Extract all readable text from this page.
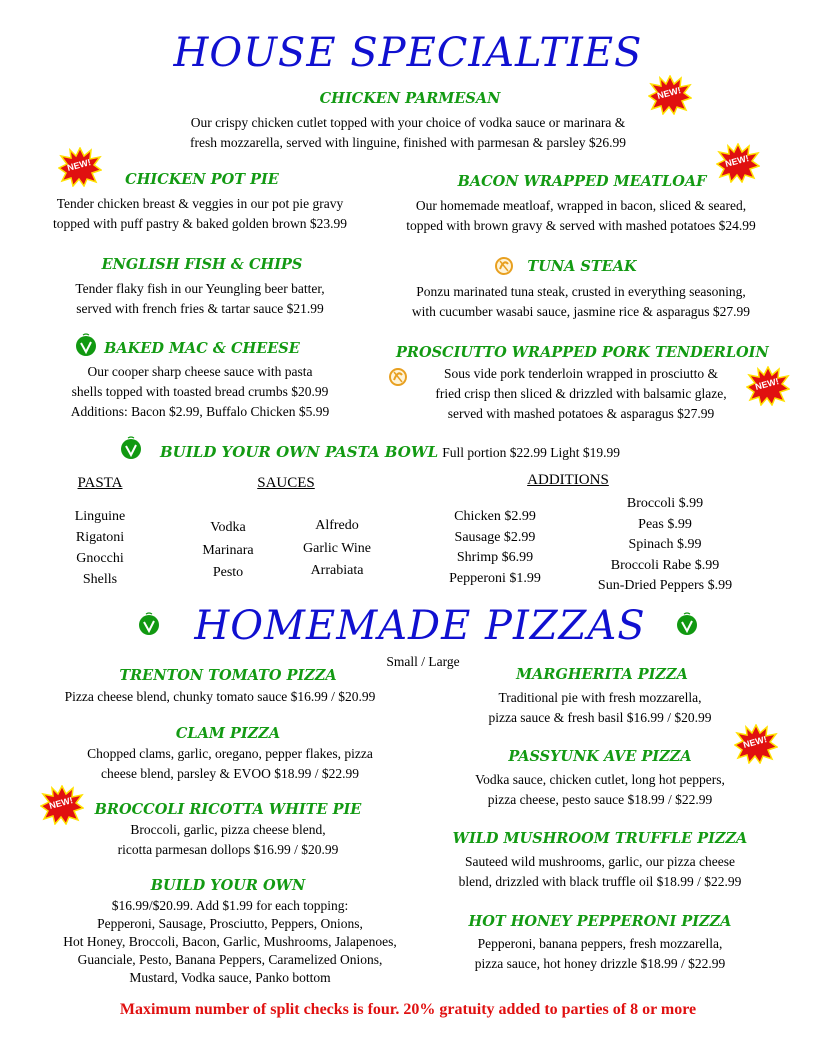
HOUSE SPECIALTIES
CHICKEN PARMESAN
Our crispy chicken cutlet topped with your choice of vodka sauce or marinara &
fresh mozzarella, served with linguine, finished with parmesan & parsley $26.99
CHICKEN POT PIE
Tender chicken breast & veggies in our pot pie gravy
topped with puff pastry & baked golden brown $23.99
BACON WRAPPED MEATLOAF
Our homemade meatloaf, wrapped in bacon, sliced & seared,
topped with brown gravy & served with mashed potatoes $24.99
ENGLISH FISH & CHIPS
Tender flaky fish in our Yeungling beer batter,
served with french fries & tartar sauce $21.99
TUNA STEAK
Ponzu marinated tuna steak, crusted in everything seasoning,
with cucumber wasabi sauce, jasmine rice & asparagus $27.99
BAKED MAC & CHEESE
Our cooper sharp cheese sauce with pasta
shells topped with toasted bread crumbs $20.99
Additions: Bacon $2.99, Buffalo Chicken $5.99
PROSCIUTTO WRAPPED PORK TENDERLOIN
Sous vide pork tenderloin wrapped in prosciutto &
fried crisp then sliced & drizzled with balsamic glaze,
served with mashed potatoes & asparagus $27.99
BUILD YOUR OWN PASTA BOWL Full portion $22.99 Light $19.99
PASTA
Linguine
Rigatoni
Gnocchi
Shells
SAUCES
Vodka
Marinara
Pesto
Alfredo
Garlic Wine
Arrabiata
ADDITIONS
Chicken $2.99
Sausage $2.99
Shrimp $6.99
Pepperoni $1.99
Broccoli $.99
Peas $.99
Spinach $.99
Broccoli Rabe $.99
Sun-Dried Peppers $.99
HOMEMADE PIZZAS
Small / Large
TRENTON TOMATO PIZZA
Pizza cheese blend, chunky tomato sauce $16.99 / $20.99
MARGHERITA PIZZA
Traditional pie with fresh mozzarella,
pizza sauce & fresh basil $16.99 / $20.99
CLAM PIZZA
Chopped clams, garlic, oregano, pepper flakes, pizza
cheese blend, parsley & EVOO $18.99 / $22.99
PASSYUNK AVE PIZZA
Vodka sauce, chicken cutlet, long hot peppers,
pizza cheese, pesto sauce $18.99 / $22.99
BROCCOLI RICOTTA WHITE PIE
Broccoli, garlic, pizza cheese blend,
ricotta parmesan dollops $16.99 / $20.99
WILD MUSHROOM TRUFFLE PIZZA
Sauteed wild mushrooms, garlic, our pizza cheese
blend, drizzled with black truffle oil $18.99 / $22.99
BUILD YOUR OWN
$16.99/$20.99. Add $1.99 for each topping:
Pepperoni, Sausage, Prosciutto, Peppers, Onions,
Hot Honey, Broccoli, Bacon, Garlic, Mushrooms, Jalapenoes,
Guanciale, Pesto, Banana Peppers, Caramelized Onions,
Mustard, Vodka sauce, Panko bottom
HOT HONEY PEPPERONI PIZZA
Pepperoni, banana peppers, fresh mozzarella,
pizza sauce, hot honey drizzle $18.99 / $22.99
Maximum number of split checks is four. 20% gratuity added to parties of 8 or more
NEW!
NEW!	NEW!
NEW!
NEW!
NEW!
